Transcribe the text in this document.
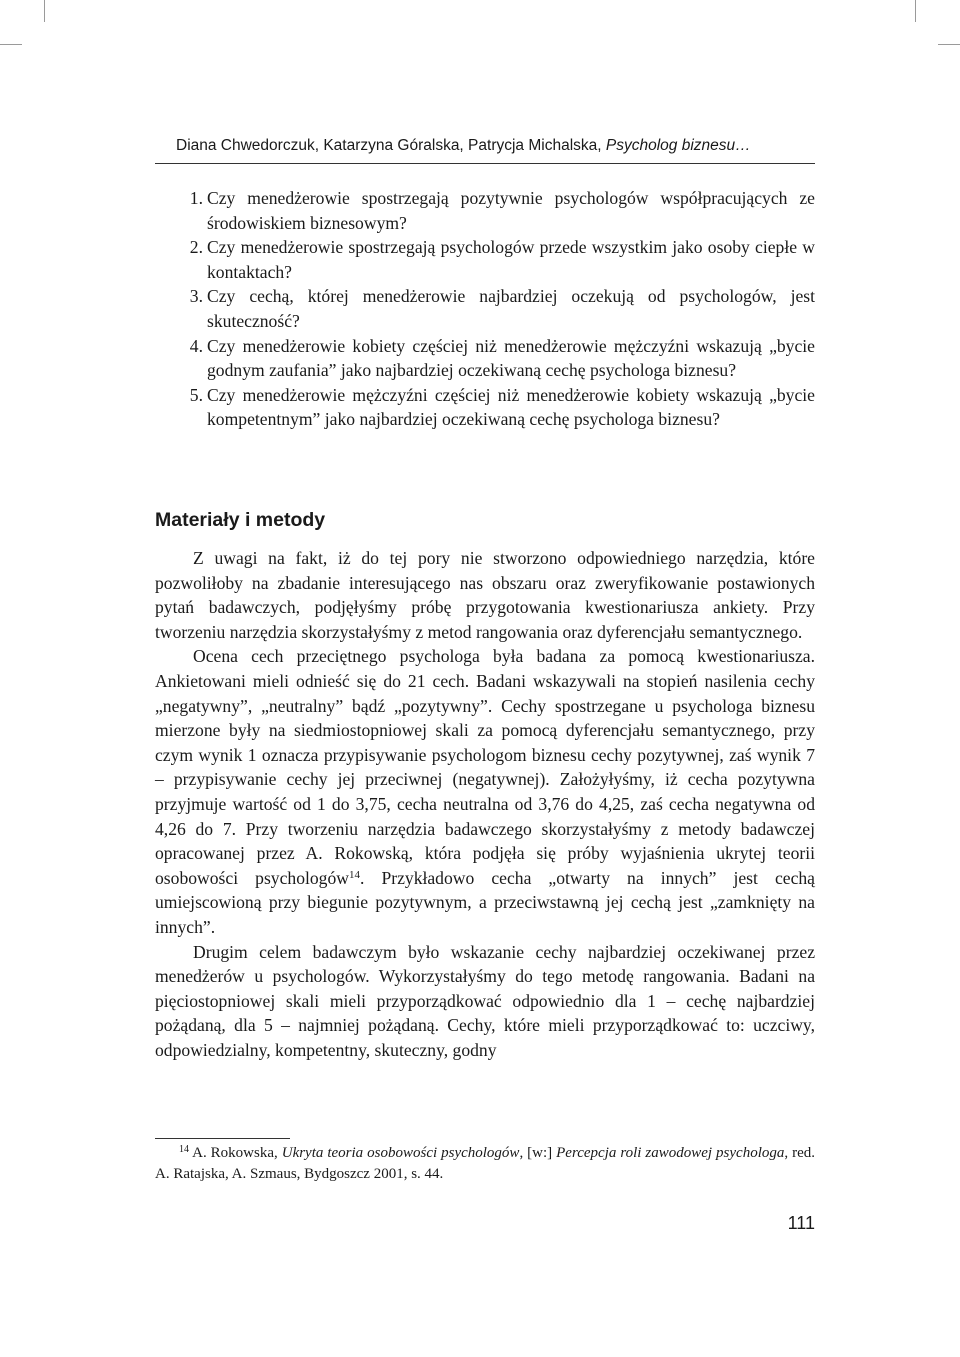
Diana Chwedorczuk, Katarzyna Góralska, Patrycja Michalska, Psycholog biznesu…
1. Czy menedżerowie spostrzegają pozytywnie psychologów współpracujących ze środowiskiem biznesowym?
2. Czy menedżerowie spostrzegają psychologów przede wszystkim jako osoby ciepłe w kontaktach?
3. Czy cechą, której menedżerowie najbardziej oczekują od psychologów, jest skuteczność?
4. Czy menedżerowie kobiety częściej niż menedżerowie mężczyźni wskazują „bycie godnym zaufania” jako najbardziej oczekiwaną cechę psychologa biznesu?
5. Czy menedżerowie mężczyźni częściej niż menedżerowie kobiety wskazują „bycie kompetentnym” jako najbardziej oczekiwaną cechę psychologa biznesu?
Materiały i metody

Z uwagi na fakt, iż do tej pory nie stworzono odpowiedniego narzędzia, które pozwoliłoby na zbadanie interesującego nas obszaru oraz zweryfikowanie postawionych pytań badawczych, podjęłyśmy próbę przygotowania kwestionariusza ankiety. Przy tworzeniu narzędzia skorzystałyśmy z metod rangowania oraz dyferencjału semantycznego.

Ocena cech przeciętnego psychologa była badana za pomocą kwestionariusza. Ankietowani mieli odnieść się do 21 cech. Badani wskazywali na stopień nasilenia cechy „negatywny”, „neutralny” bądź „pozytywny”. Cechy spostrzegane u psychologa biznesu mierzone były na siedmiostopniowej skali za pomocą dyferencjału semantycznego, przy czym wynik 1 oznacza przypisywanie psychologom biznesu cechy pozytywnej, zaś wynik 7 – przypisywanie cechy jej przeciwnej (negatywnej). Założyłyśmy, iż cecha pozytywna przyjmuje wartość od 1 do 3,75, cecha neutralna od 3,76 do 4,25, zaś cecha negatywna od 4,26 do 7. Przy tworzeniu narzędzia badawczego skorzystałyśmy z metody badawczej opracowanej przez A. Rokowską, która podjęła się próby wyjaśnienia ukrytej teorii osobowości psychologów$^{14}$. Przykładowo cecha „otwarty na innych” jest cechą umiejscowioną przy biegunie pozytywnym, a przeciwstawną jej cechą jest „zamknięty na innych”.

Drugim celem badawczym było wskazanie cechy najbardziej oczekiwanej przez menedżerów u psychologów. Wykorzystałyśmy do tego metodę rangowania. Badani na pięciostopniowej skali mieli przyporządkować odpowiednio dla 1 – cechę najbardziej pożądaną, dla 5 – najmniej pożądaną. Cechy, które mieli przyporządkować to: uczciwy, odpowiedzialny, kompetentny, skuteczny, godny

$^{14}$ A. Rokowska, Ukryta teoria osobowości psychologów, [w:] Percepcja roli zawodowej psychologa, red. A. Ratajska, A. Szmaus, Bydgoszcz 2001, s. 44.
111
